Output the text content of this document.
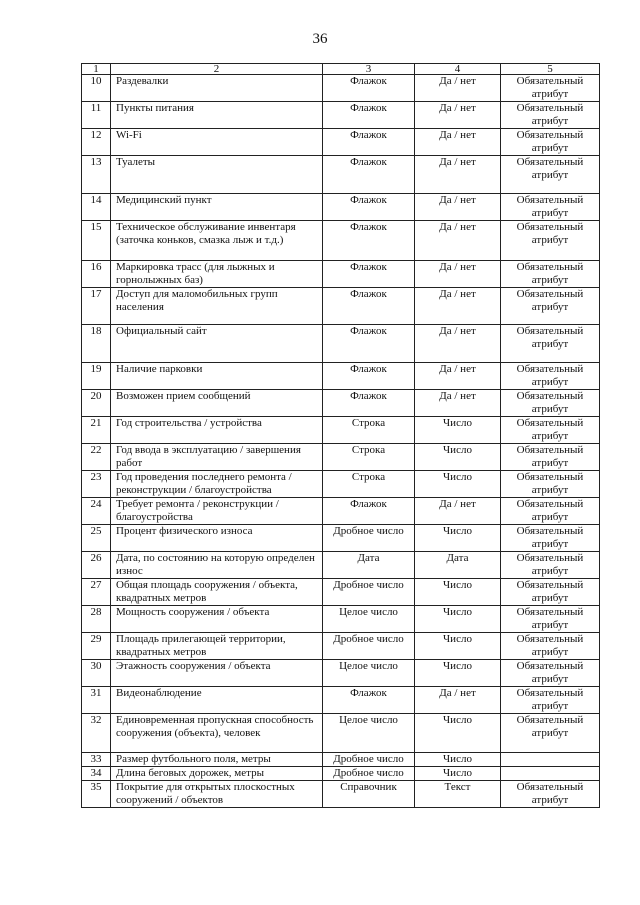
36
1	2	3	4	5
10	Раздевалки	Флажок	Да / нет	Обязательный атрибут
11	Пункты питания	Флажок	Да / нет	Обязательный атрибут
12	Wi-Fi	Флажок	Да / нет	Обязательный атрибут
13	Туалеты	Флажок	Да / нет	Обязательный атрибут
14	Медицинский пункт	Флажок	Да / нет	Обязательный атрибут
15	Техническое обслуживание инвентаря (заточка коньков, смазка лыж и т.д.)	Флажок	Да / нет	Обязательный атрибут
16	Маркировка трасс (для лыжных и горнолыжных баз)	Флажок	Да / нет	Обязательный атрибут
17	Доступ для маломобильных групп населения	Флажок	Да / нет	Обязательный атрибут
18	Официальный сайт	Флажок	Да / нет	Обязательный атрибут
19	Наличие парковки	Флажок	Да / нет	Обязательный атрибут
20	Возможен прием сообщений	Флажок	Да / нет	Обязательный атрибут
21	Год строительства / устройства	Строка	Число	Обязательный атрибут
22	Год ввода в эксплуатацию / завершения работ	Строка	Число	Обязательный атрибут
23	Год проведения последнего ремонта / реконструкции / благоустройства	Строка	Число	Обязательный атрибут
24	Требует ремонта / реконструкции / благоустройства	Флажок	Да / нет	Обязательный атрибут
25	Процент физического износа	Дробное число	Число	Обязательный атрибут
26	Дата, по состоянию на которую определен износ	Дата	Дата	Обязательный атрибут
27	Общая площадь сооружения / объекта, квадратных метров	Дробное число	Число	Обязательный атрибут
28	Мощность сооружения / объекта	Целое число	Число	Обязательный атрибут
29	Площадь прилегающей территории, квадратных метров	Дробное число	Число	Обязательный атрибут
30	Этажность сооружения / объекта	Целое число	Число	Обязательный атрибут
31	Видеонаблюдение	Флажок	Да / нет	Обязательный атрибут
32	Единовременная пропускная способность сооружения (объекта), человек	Целое число	Число	Обязательный атрибут
33	Размер футбольного поля, метры	Дробное число	Число	
34	Длина беговых дорожек, метры	Дробное число	Число	
35	Покрытие для открытых плоскостных сооружений / объектов	Справочник	Текст	Обязательный атрибут
